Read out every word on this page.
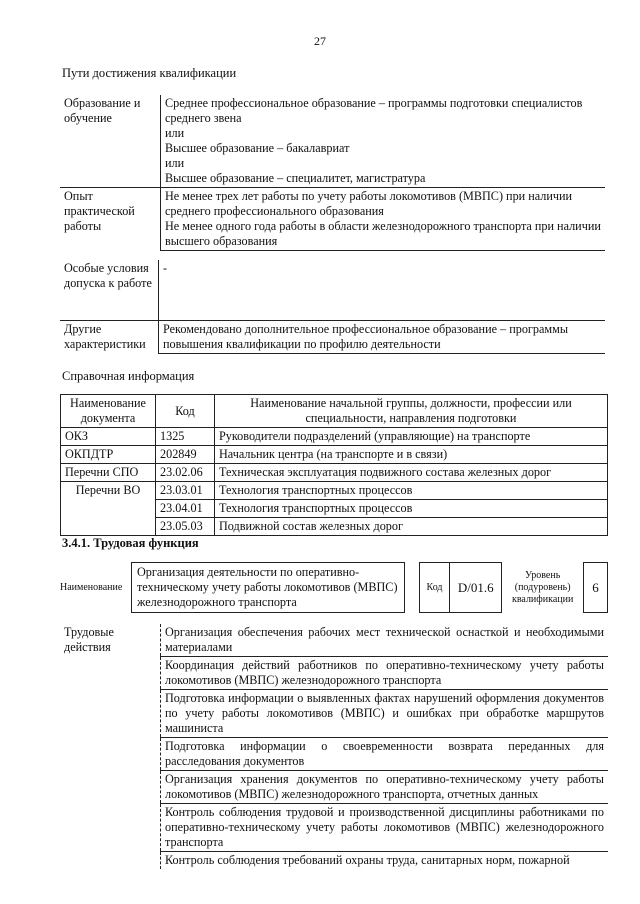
27
Пути достижения квалификации
Образование и обучение	Среднее профессиональное образование – программы подготовки специалистов среднего звена
или
Высшее образование – бакалавриат
или
Высшее образование – специалитет, магистратура

Опыт практической работы	Не менее трех лет работы по учету работы локомотивов (МВПС) при наличии среднего профессионального образования
Не менее одного года работы в области железнодорожного транспорта при наличии высшего образования
Особые условия допуска к работе	-
Другие характеристики	Рекомендовано дополнительное профессиональное образование – программы повышения квалификации по профилю деятельности
Справочная информация
Наименование документа	Код	Наименование начальной группы, должности, профессии или специальности, направления подготовки
ОКЗ	1325	Руководители подразделений (управляющие) на транспорте
ОКПДТР	202849	Начальник центра (на транспорте и в связи)
Перечни СПО	23.02.06	Техническая эксплуатация подвижного состава железных дорог
Перечни ВО	23.03.01	Технология транспортных процессов
	23.04.01	Технология транспортных процессов
	23.05.03	Подвижной состав железных дорог
3.4.1. Трудовая функция
Наименование	Организация деятельности по оперативно-техническому учету работы локомотивов (МВПС) железнодорожного транспорта		Код	D/01.6	Уровень (подуровень) квалификации	6
Трудовые действия	Организация обеспечения рабочих мест технической оснасткой и необходимыми материалами
Координация действий работников по оперативно-техническому учету работы локомотивов (МВПС) железнодорожного транспорта
Подготовка информации о выявленных фактах нарушений оформления документов по учету работы локомотивов (МВПС) и ошибках при обработке маршрутов машиниста
Подготовка информации о своевременности возврата переданных для расследования документов
Организация хранения документов по оперативно-техническому учету работы локомотивов (МВПС) железнодорожного транспорта, отчетных данных
Контроль соблюдения трудовой и производственной дисциплины работниками по оперативно-техническому учету работы локомотивов (МВПС) железнодорожного транспорта
Контроль соблюдения требований охраны труда, санитарных норм, пожарной
